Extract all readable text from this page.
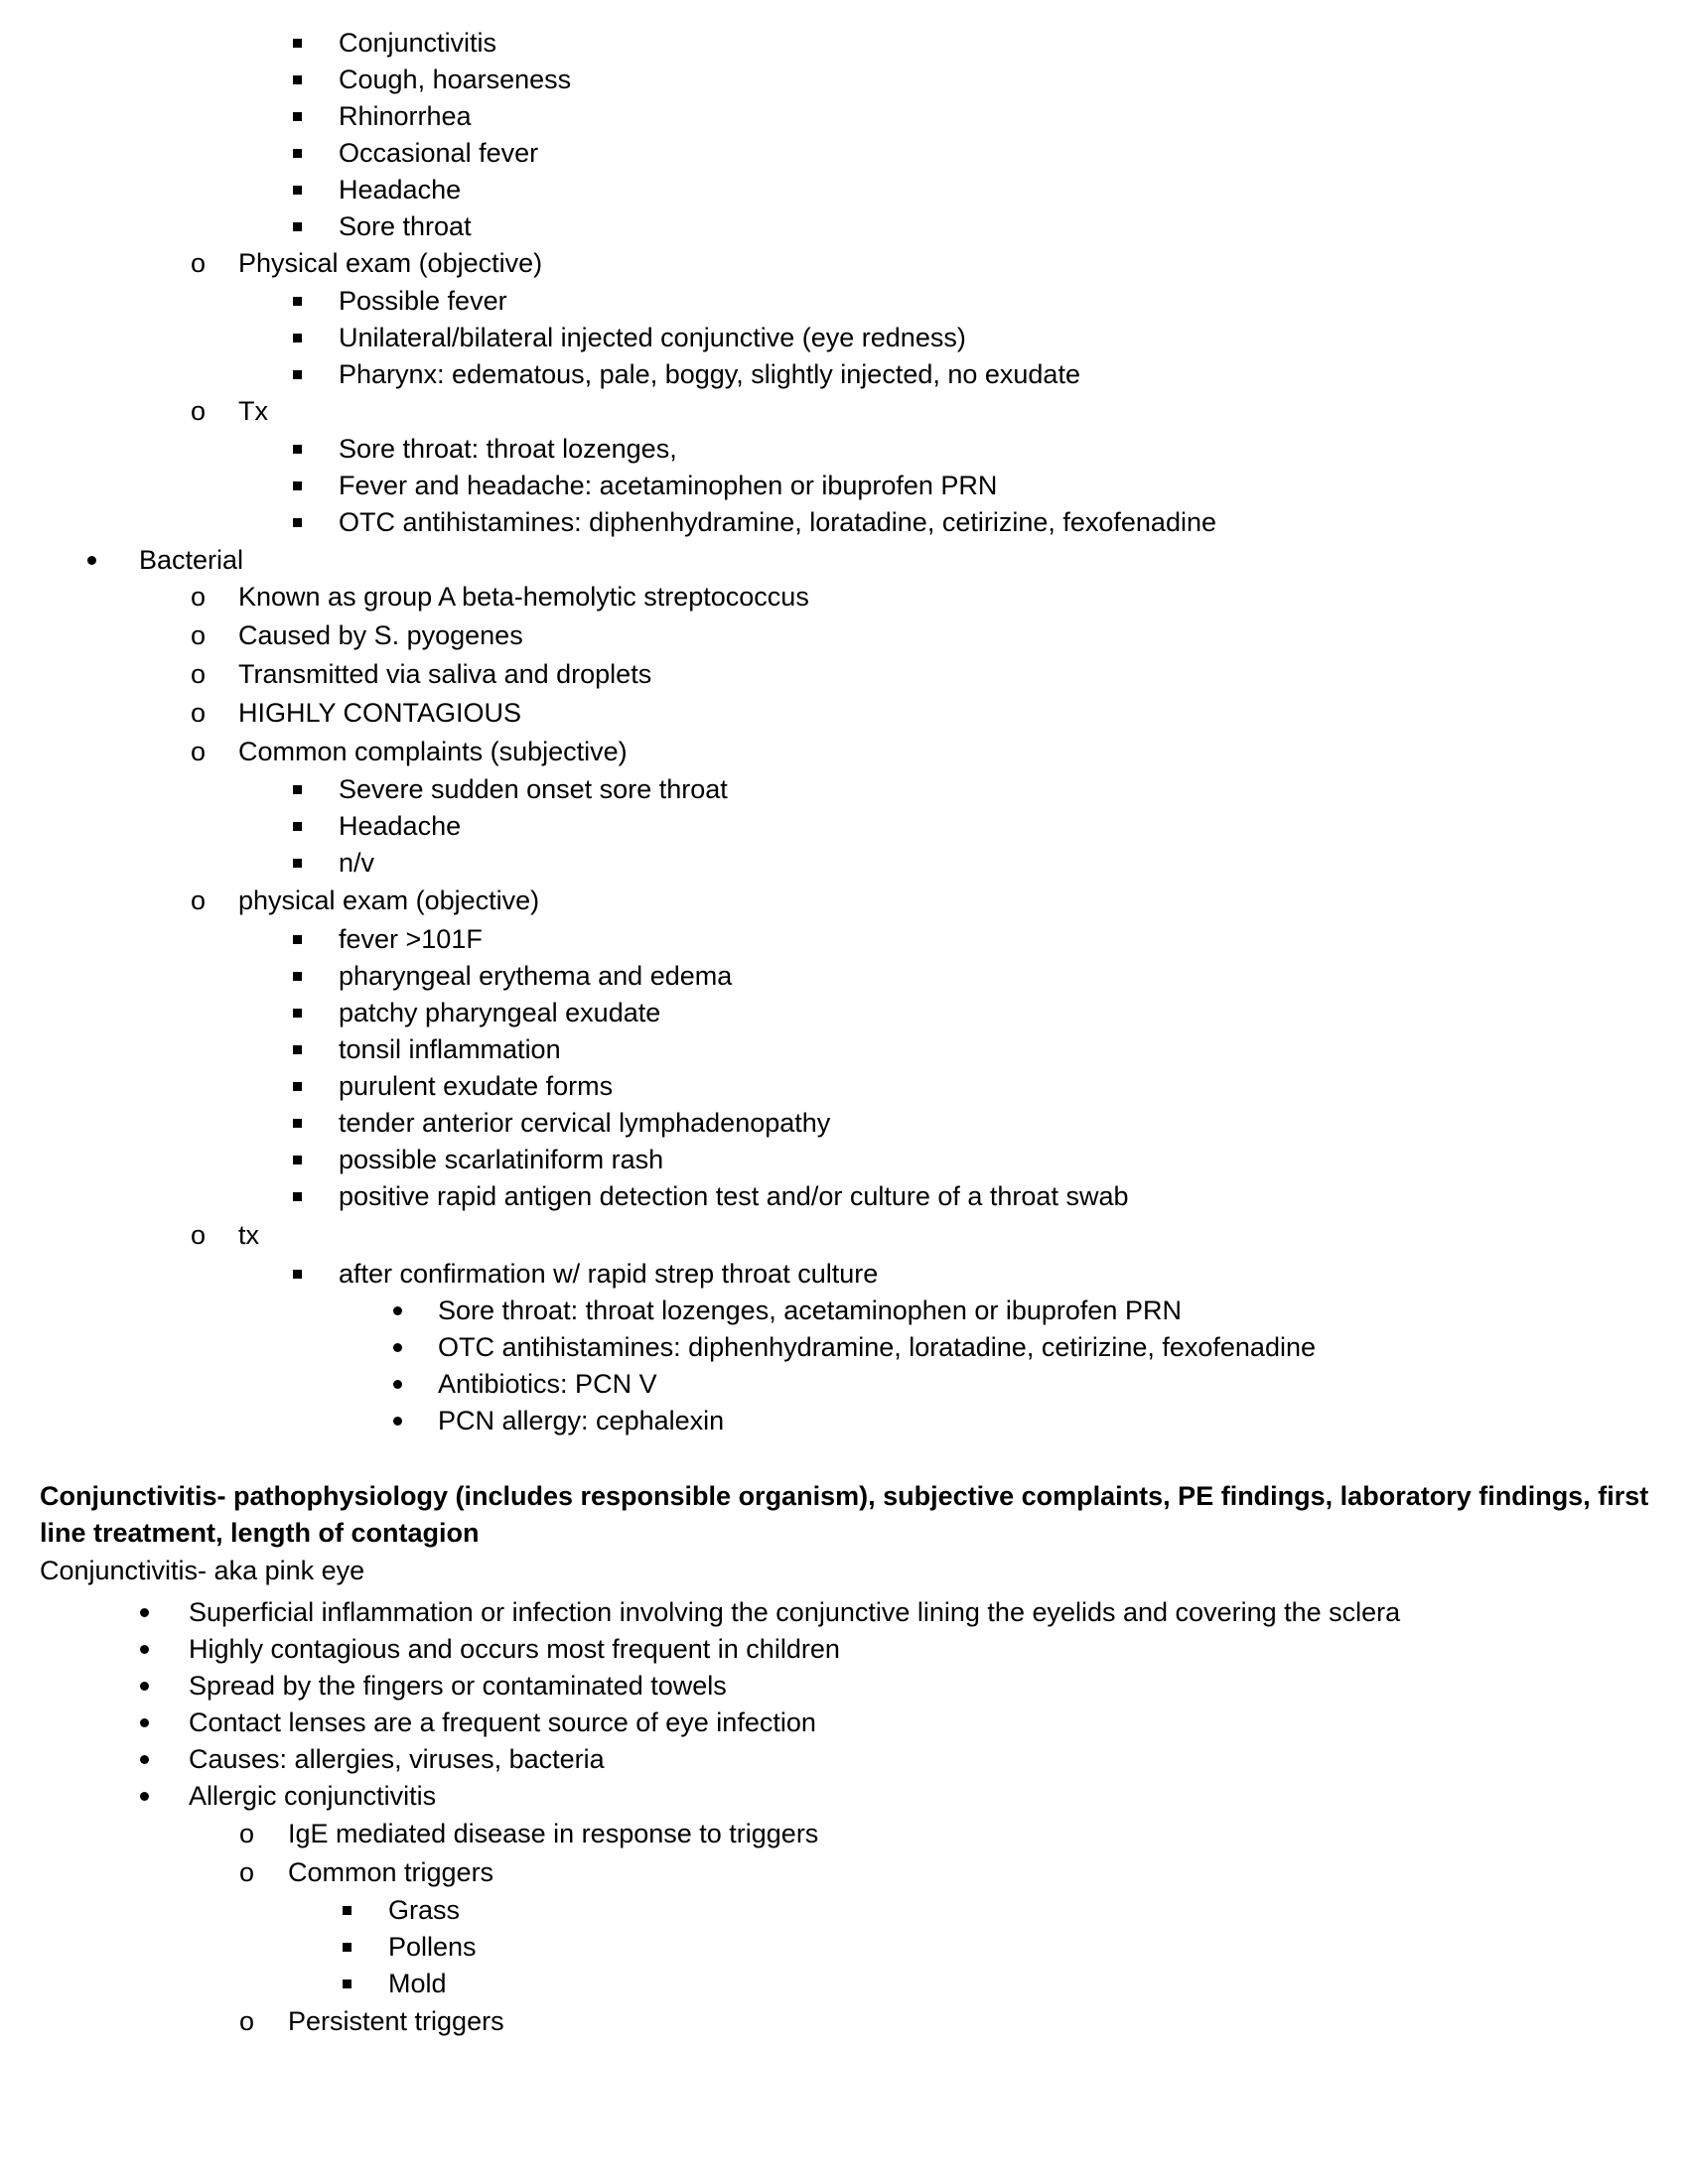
Conjunctivitis
Cough, hoarseness
Rhinorrhea
Occasional fever
Headache
Sore throat
o Physical exam (objective)
Possible fever
Unilateral/bilateral injected conjunctive (eye redness)
Pharynx: edematous, pale, boggy, slightly injected, no exudate
o Tx
Sore throat: throat lozenges,
Fever and headache: acetaminophen or ibuprofen PRN
OTC antihistamines: diphenhydramine, loratadine, cetirizine, fexofenadine
Bacterial
o Known as group A beta-hemolytic streptococcus
o Caused by S. pyogenes
o Transmitted via saliva and droplets
o HIGHLY CONTAGIOUS
o Common complaints (subjective)
Severe sudden onset sore throat
Headache
n/v
o physical exam (objective)
fever >101F
pharyngeal erythema and edema
patchy pharyngeal exudate
tonsil inflammation
purulent exudate forms
tender anterior cervical lymphadenopathy
possible scarlatiniform rash
positive rapid antigen detection test and/or culture of a throat swab
o tx
after confirmation w/ rapid strep throat culture
Sore throat: throat lozenges, acetaminophen or ibuprofen PRN
OTC antihistamines: diphenhydramine, loratadine, cetirizine, fexofenadine
Antibiotics: PCN V
PCN allergy: cephalexin
Conjunctivitis- pathophysiology (includes responsible organism), subjective complaints, PE findings, laboratory findings, first
line treatment, length of contagion
Conjunctivitis- aka pink eye
Superficial inflammation or infection involving the conjunctive lining the eyelids and covering the sclera
Highly contagious and occurs most frequent in children
Spread by the fingers or contaminated towels
Contact lenses are a frequent source of eye infection
Causes: allergies, viruses, bacteria
Allergic conjunctivitis
o IgE mediated disease in response to triggers
o Common triggers
Grass
Pollens
Mold
o Persistent triggers
